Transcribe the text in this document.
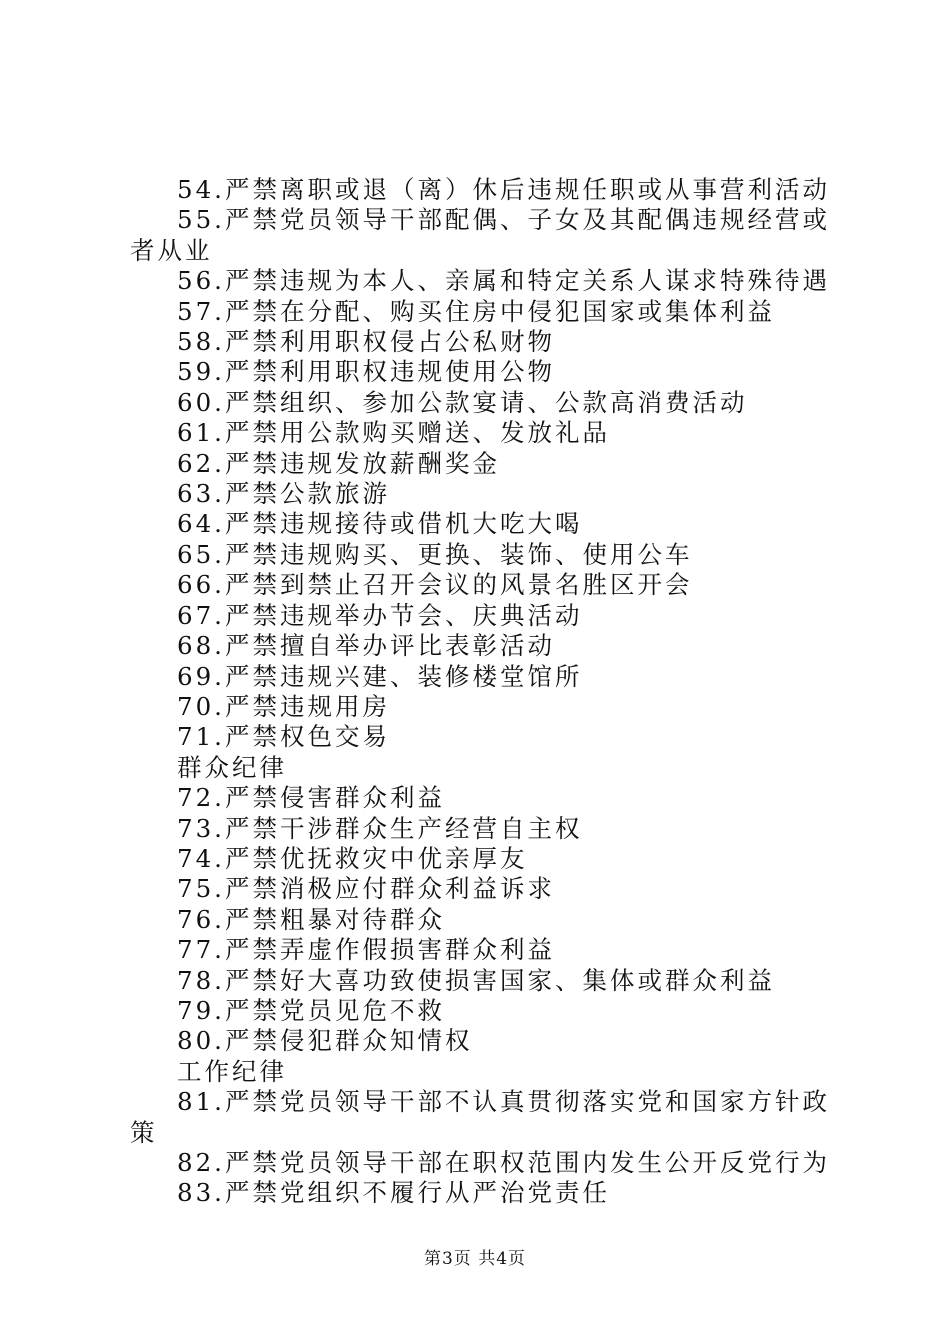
54.严禁离职或退（离）休后违规任职或从事营利活动

55.严禁党员领导干部配偶、子女及其配偶违规经营或者从业

56.严禁违规为本人、亲属和特定关系人谋求特殊待遇

57.严禁在分配、购买住房中侵犯国家或集体利益

58.严禁利用职权侵占公私财物

59.严禁利用职权违规使用公物

60.严禁组织、参加公款宴请、公款高消费活动

61.严禁用公款购买赠送、发放礼品

62.严禁违规发放薪酬奖金

63.严禁公款旅游

64.严禁违规接待或借机大吃大喝

65.严禁违规购买、更换、装饰、使用公车

66.严禁到禁止召开会议的风景名胜区开会

67.严禁违规举办节会、庆典活动

68.严禁擅自举办评比表彰活动

69.严禁违规兴建、装修楼堂馆所

70.严禁违规用房

71.严禁权色交易

群众纪律

72.严禁侵害群众利益

73.严禁干涉群众生产经营自主权

74.严禁优抚救灾中优亲厚友

75.严禁消极应付群众利益诉求

76.严禁粗暴对待群众

77.严禁弄虚作假损害群众利益

78.严禁好大喜功致使损害国家、集体或群众利益

79.严禁党员见危不救

80.严禁侵犯群众知情权

工作纪律

81.严禁党员领导干部不认真贯彻落实党和国家方针政策

82.严禁党员领导干部在职权范围内发生公开反党行为

83.严禁党组织不履行从严治党责任

第3页 共4页
